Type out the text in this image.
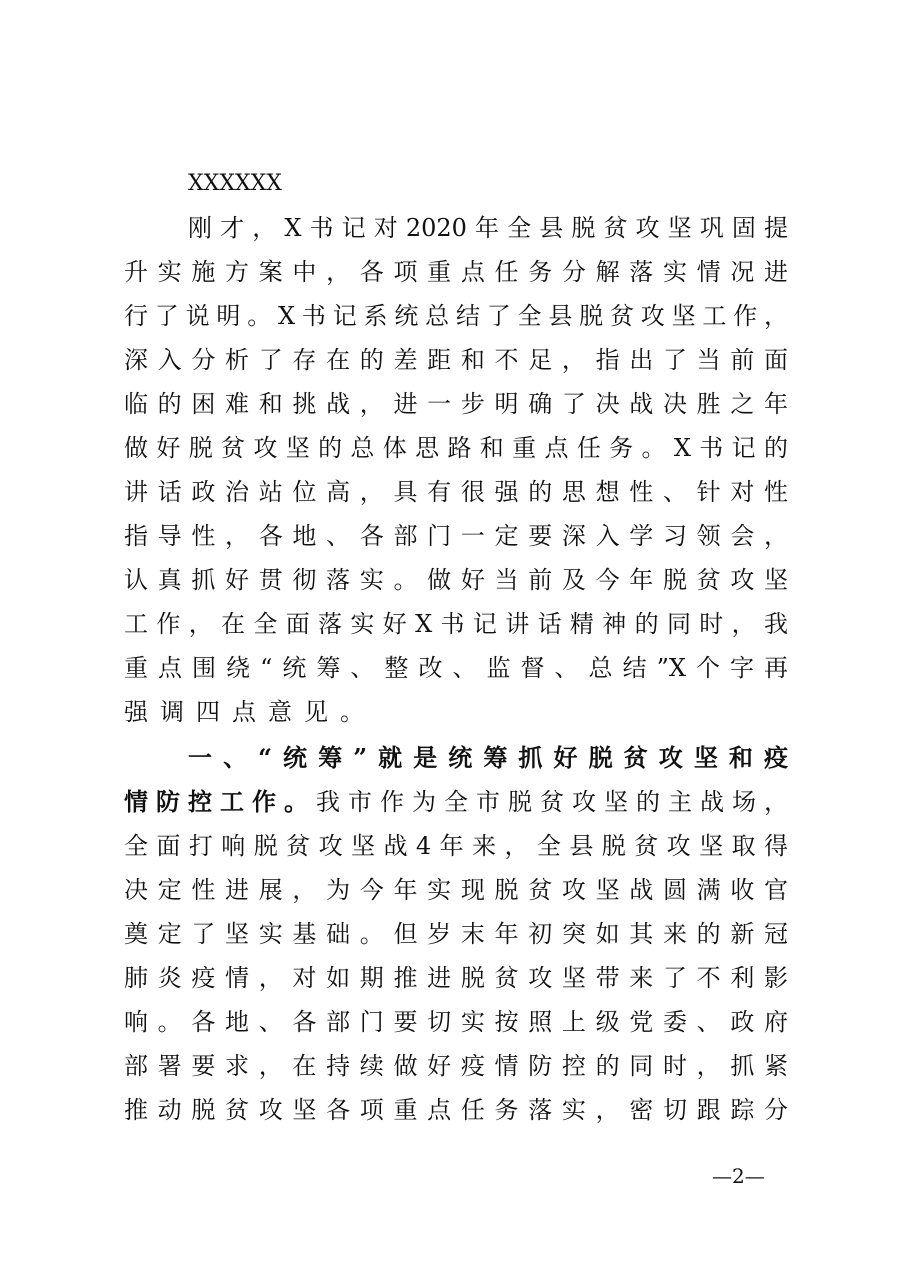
XXXXXX
刚才，X书记对2020年全县脱贫攻坚巩固提
升实施方案中，各项重点任务分解落实情况进
行了说明。X书记系统总结了全县脱贫攻坚工作，
深入分析了存在的差距和不足，指出了当前面
临的困难和挑战，进一步明确了决战决胜之年
做好脱贫攻坚的总体思路和重点任务。X书记的
讲话政治站位高，具有很强的思想性、针对性
指导性，各地、各部门一定要深入学习领会，
认真抓好贯彻落实。做好当前及今年脱贫攻坚
工作，在全面落实好X书记讲话精神的同时，我
重点围绕“统筹、整改、监督、总结”X个字再
强调四点意见。
一、“统筹”就是统筹抓好脱贫攻坚和疫
情防控工作。我市作为全市脱贫攻坚的主战场，
全面打响脱贫攻坚战4年来，全县脱贫攻坚取得
决定性进展，为今年实现脱贫攻坚战圆满收官
奠定了坚实基础。但岁末年初突如其来的新冠
肺炎疫情，对如期推进脱贫攻坚带来了不利影
响。各地、各部门要切实按照上级党委、政府
部署要求，在持续做好疫情防控的同时，抓紧
推动脱贫攻坚各项重点任务落实，密切跟踪分
—2—
